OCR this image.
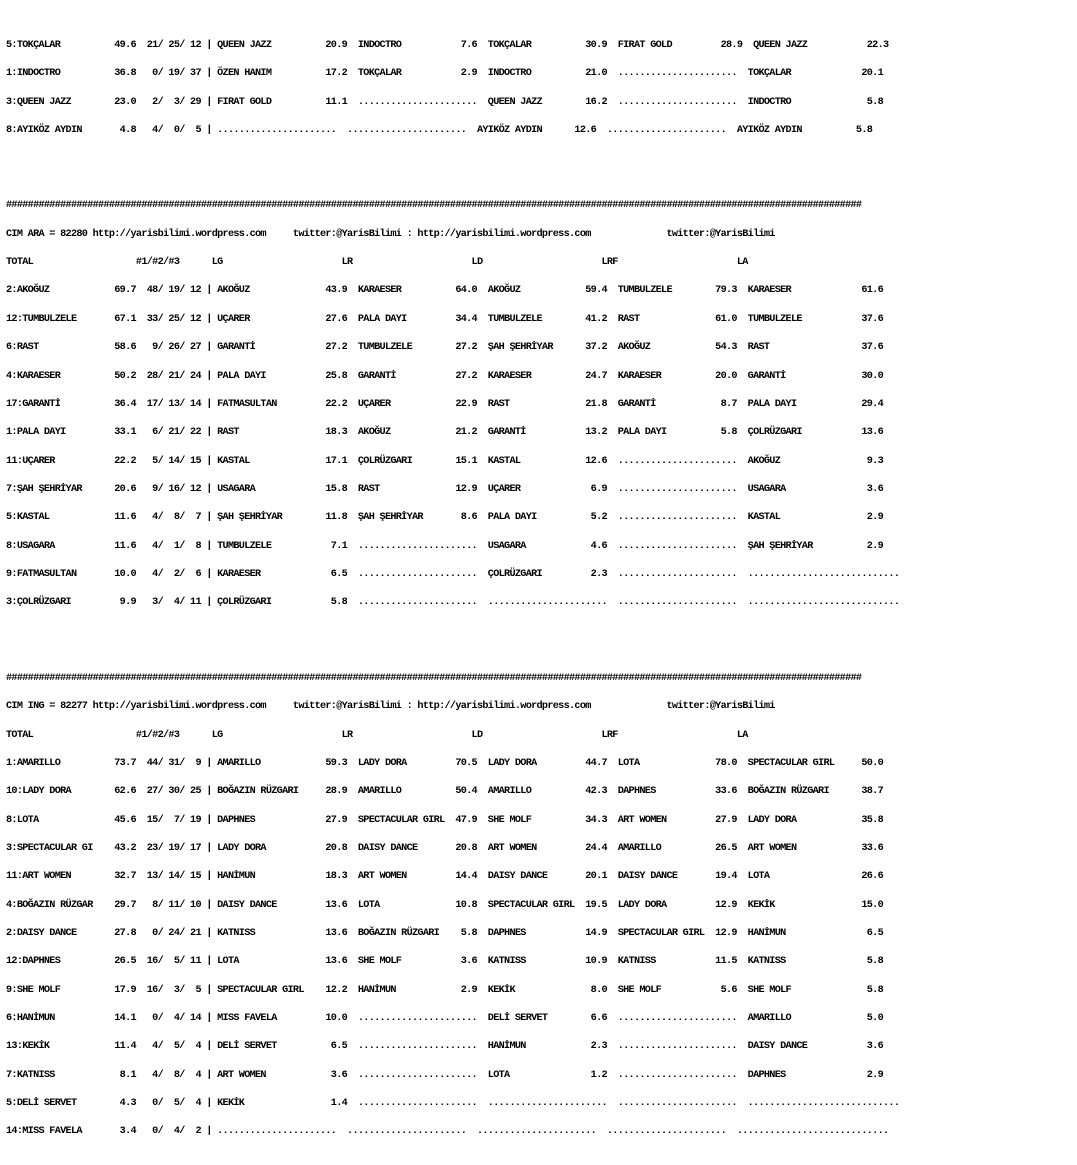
5:TOKÇALAR          49.6  21/ 25/ 12 | QUEEN JAZZ          20.9  INDOCTRO           7.6  TOKÇALAR          30.9  FIRAT GOLD         28.9  QUEEN JAZZ           22.3

1:INDOCTRO          36.8   0/ 19/ 37 | ÖZEN HANIM          17.2  TOKÇALAR           2.9  INDOCTRO          21.0  ......................  TOKÇALAR             20.1

3:QUEEN JAZZ        23.0   2/  3/ 29 | FIRAT GOLD          11.1  ......................  QUEEN JAZZ        16.2  ......................  INDOCTRO              5.8

8:AYIKÖZ AYDIN       4.8   4/  0/  5 | ......................  ......................  AYIKÖZ AYDIN      12.6  ......................  AYIKÖZ AYDIN          5.8

##############################################################################################################################################################

CIM ARA = 82280 http://yarisbilimi.wordpress.com     twitter:@YarisBilimi : http://yarisbilimi.wordpress.com              twitter:@YarisBilimi

TOTAL                   #1/#2/#3      LG                      LR                      LD                      LRF                      LA

2:AKOĞUZ            69.7  48/ 19/ 12 | AKOĞUZ              43.9  KARAESER          64.0  AKOĞUZ            59.4  TUMBULZELE        79.3  KARAESER             61.6

12:TUMBULZELE       67.1  33/ 25/ 12 | UÇARER              27.6  PALA DAYI         34.4  TUMBULZELE        41.2  RAST              61.0  TUMBULZELE           37.6

6:RAST              58.6   9/ 26/ 27 | GARANTİ             27.2  TUMBULZELE        27.2  ŞAH ŞEHRİYAR      37.2  AKOĞUZ            54.3  RAST                 37.6

4:KARAESER          50.2  28/ 21/ 24 | PALA DAYI           25.8  GARANTİ           27.2  KARAESER          24.7  KARAESER          20.0  GARANTİ              30.0

17:GARANTİ          36.4  17/ 13/ 14 | FATMASULTAN         22.2  UÇARER            22.9  RAST              21.8  GARANTİ            8.7  PALA DAYI            29.4

1:PALA DAYI         33.1   6/ 21/ 22 | RAST                18.3  AKOĞUZ            21.2  GARANTİ           13.2  PALA DAYI          5.8  ÇOLRÜZGARI           13.6

11:UÇARER           22.2   5/ 14/ 15 | KASTAL              17.1  ÇOLRÜZGARI        15.1  KASTAL            12.6  ......................  AKOĞUZ                9.3

7:ŞAH ŞEHRİYAR      20.6   9/ 16/ 12 | USAGARA             15.8  RAST              12.9  UÇARER             6.9  ......................  USAGARA               3.6

5:KASTAL            11.6   4/  8/  7 | ŞAH ŞEHRİYAR        11.8  ŞAH ŞEHRİYAR       8.6  PALA DAYI          5.2  ......................  KASTAL                2.9

8:USAGARA           11.6   4/  1/  8 | TUMBULZELE           7.1  ......................  USAGARA            4.6  ......................  ŞAH ŞEHRİYAR          2.9

9:FATMASULTAN       10.0   4/  2/  6 | KARAESER             6.5  ......................  ÇOLRÜZGARI         2.3  ......................  ............................

3:ÇOLRÜZGARI         9.9   3/  4/ 11 | ÇOLRÜZGARI           5.8  ......................  ......................  ......................  ............................

##############################################################################################################################################################

CIM ING = 82277 http://yarisbilimi.wordpress.com     twitter:@YarisBilimi : http://yarisbilimi.wordpress.com              twitter:@YarisBilimi

TOTAL                   #1/#2/#3      LG                      LR                      LD                      LRF                      LA

1:AMARILLO          73.7  44/ 31/  9 | AMARILLO            59.3  LADY DORA         70.5  LADY DORA         44.7  LOTA              78.0  SPECTACULAR GIRL     50.0

10:LADY DORA        62.6  27/ 30/ 25 | BOĞAZIN RÜZGARI     28.9  AMARILLO          50.4  AMARILLO          42.3  DAPHNES           33.6  BOĞAZIN RÜZGARI      38.7

8:LOTA              45.6  15/  7/ 19 | DAPHNES             27.9  SPECTACULAR GIRL  47.9  SHE MOLF          34.3  ART WOMEN         27.9  LADY DORA            35.8

3:SPECTACULAR GI    43.2  23/ 19/ 17 | LADY DORA           20.8  DAISY DANCE       20.8  ART WOMEN         24.4  AMARILLO          26.5  ART WOMEN            33.6

11:ART WOMEN        32.7  13/ 14/ 15 | HANİMUN             18.3  ART WOMEN         14.4  DAISY DANCE       20.1  DAISY DANCE       19.4  LOTA                 26.6

4:BOĞAZIN RÜZGAR    29.7   8/ 11/ 10 | DAISY DANCE         13.6  LOTA              10.8  SPECTACULAR GIRL  19.5  LADY DORA         12.9  KEKİK                15.0

2:DAISY DANCE       27.8   0/ 24/ 21 | KATNISS             13.6  BOĞAZIN RÜZGARI    5.8  DAPHNES           14.9  SPECTACULAR GIRL  12.9  HANİMUN               6.5

12:DAPHNES          26.5  16/  5/ 11 | LOTA                13.6  SHE MOLF           3.6  KATNISS           10.9  KATNISS           11.5  KATNISS               5.8

9:SHE MOLF          17.9  16/  3/  5 | SPECTACULAR GIRL    12.2  HANİMUN            2.9  KEKİK              8.0  SHE MOLF           5.6  SHE MOLF              5.8

6:HANİMUN           14.1   0/  4/ 14 | MISS FAVELA         10.0  ......................  DELİ SERVET        6.6  ......................  AMARILLO              5.0

13:KEKİK            11.4   4/  5/  4 | DELİ SERVET          6.5  ......................  HANİMUN            2.3  ......................  DAISY DANCE           3.6

7:KATNISS            8.1   4/  8/  4 | ART WOMEN            3.6  ......................  LOTA               1.2  ......................  DAPHNES               2.9

5:DELİ SERVET        4.3   0/  5/  4 | KEKİK                1.4  ......................  ......................  ......................  ............................

14:MISS FAVELA       3.4   0/  4/  2 | ......................  ......................  ......................  ......................  ............................
